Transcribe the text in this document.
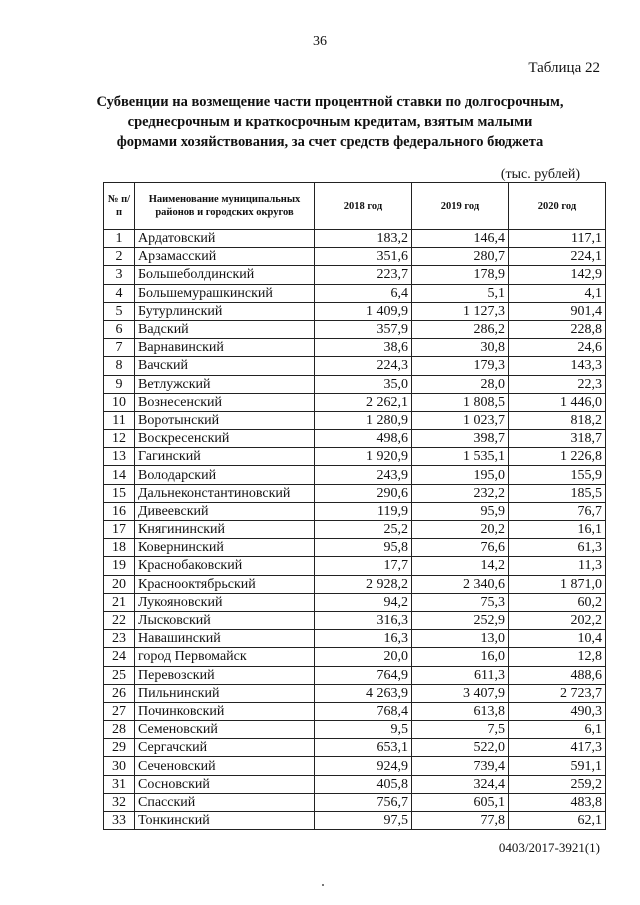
36
Таблица 22
Субвенции на возмещение части процентной ставки по долгосрочным,
среднесрочным и краткосрочным кредитам, взятым малыми
формами хозяйствования, за счет средств федерального бюджета
(тыс. рублей)
№ п/п	Наименование муниципальных районов и городских округов	2018 год	2019 год	2020 год
1	Ардатовский	183,2	146,4	117,1
2	Арзамасский	351,6	280,7	224,1
3	Большеболдинский	223,7	178,9	142,9
4	Большемурашкинский	6,4	5,1	4,1
5	Бутурлинский	1 409,9	1 127,3	901,4
6	Вадский	357,9	286,2	228,8
7	Варнавинский	38,6	30,8	24,6
8	Вачский	224,3	179,3	143,3
9	Ветлужский	35,0	28,0	22,3
10	Вознесенский	2 262,1	1 808,5	1 446,0
11	Воротынский	1 280,9	1 023,7	818,2
12	Воскресенский	498,6	398,7	318,7
13	Гагинский	1 920,9	1 535,1	1 226,8
14	Володарский	243,9	195,0	155,9
15	Дальнеконстантиновский	290,6	232,2	185,5
16	Дивеевский	119,9	95,9	76,7
17	Княгининский	25,2	20,2	16,1
18	Ковернинский	95,8	76,6	61,3
19	Краснобаковский	17,7	14,2	11,3
20	Краснооктябрьский	2 928,2	2 340,6	1 871,0
21	Лукояновский	94,2	75,3	60,2
22	Лысковский	316,3	252,9	202,2
23	Навашинский	16,3	13,0	10,4
24	город Первомайск	20,0	16,0	12,8
25	Перевозский	764,9	611,3	488,6
26	Пильнинский	4 263,9	3 407,9	2 723,7
27	Починковский	768,4	613,8	490,3
28	Семеновский	9,5	7,5	6,1
29	Сергачский	653,1	522,0	417,3
30	Сеченовский	924,9	739,4	591,1
31	Сосновский	405,8	324,4	259,2
32	Спасский	756,7	605,1	483,8
33	Тонкинский	97,5	77,8	62,1
0403/2017-3921(1)
